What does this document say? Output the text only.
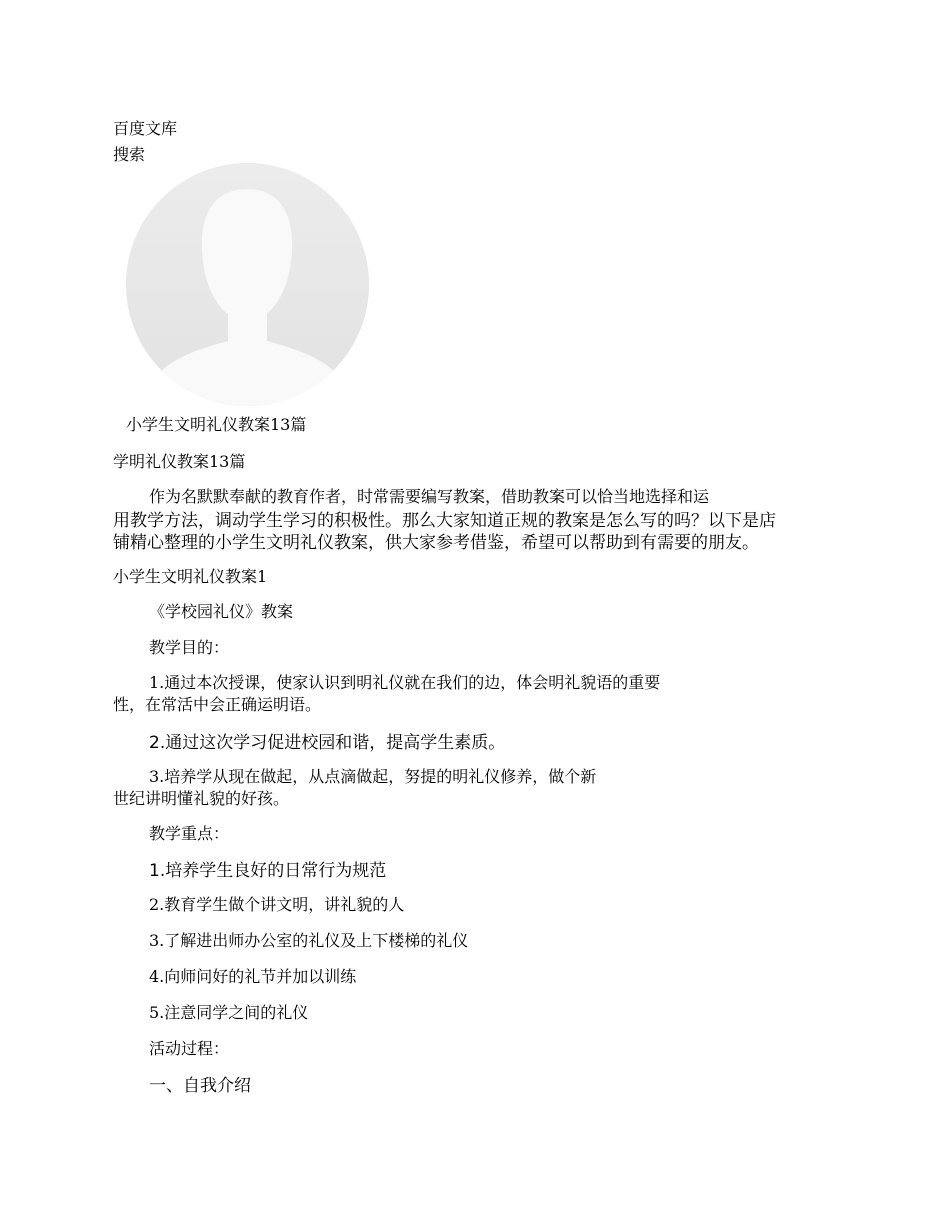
百度文库
搜索
小学生文明礼仪教案13篇
学明礼仪教案13篇
作为名默默奉献的教育作者，时常需要编写教案，借助教案可以恰当地选择和运
用教学方法，调动学生学习的积极性。那么大家知道正规的教案是怎么写的吗？以下是店
铺精心整理的小学生文明礼仪教案，供大家参考借鉴，希望可以帮助到有需要的朋友。
小学生文明礼仪教案1
《学校园礼仪》教案
教学目的：
1.通过本次授课，使家认识到明礼仪就在我们的边，体会明礼貌语的重要
性，在常活中会正确运明语。
2.通过这次学习促进校园和谐，提高学生素质。
3.培养学从现在做起，从点滴做起，努提的明礼仪修养，做个新
世纪讲明懂礼貌的好孩。
教学重点：
1.培养学生良好的日常行为规范
2.教育学生做个讲文明，讲礼貌的人
3.了解进出师办公室的礼仪及上下楼梯的礼仪
4.向师问好的礼节并加以训练
5.注意同学之间的礼仪
活动过程：
一、自我介绍
